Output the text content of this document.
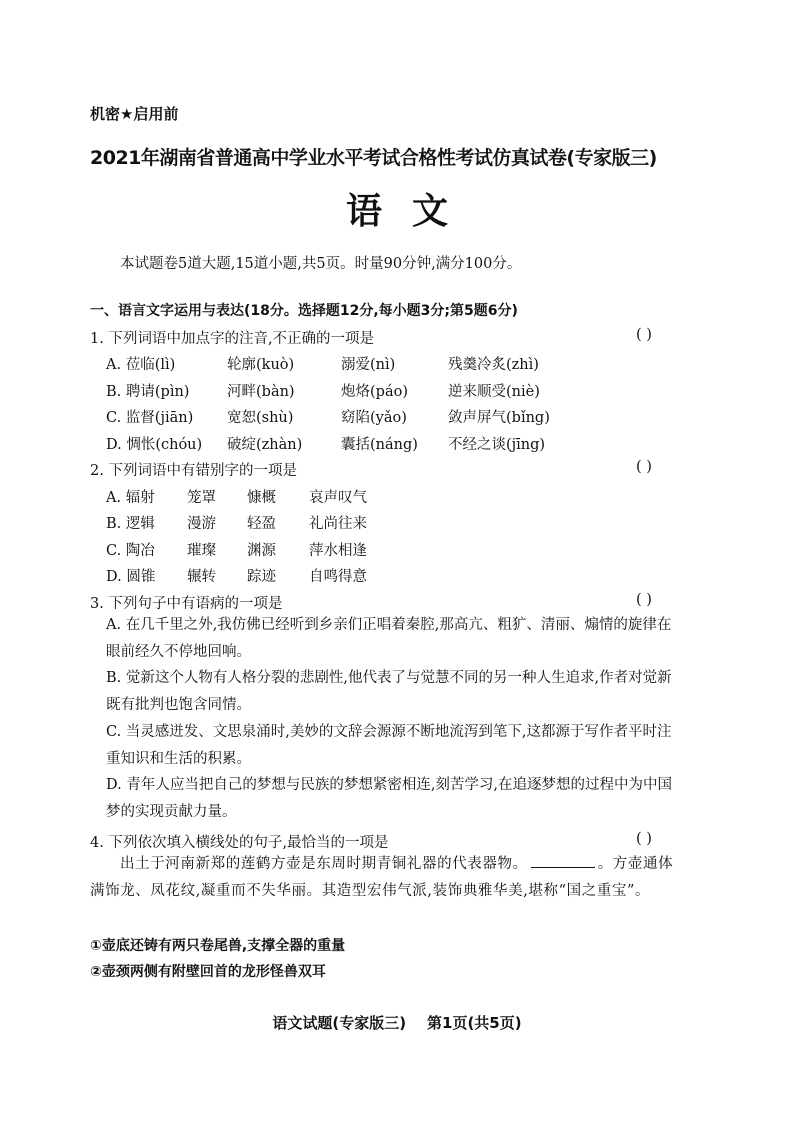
机密★启用前
2021年湖南省普通高中学业水平考试合格性考试仿真试卷(专家版三)
语文
本试题卷5道大题,15道小题,共5页。时量90分钟,满分100分。
一、语言文字运用与表达(18分。选择题12分,每小题3分;第5题6分)
1. 下列词语中加点字的注音,不正确的一项是	( )
A. 莅临(lì)	轮廓(kuò)	溺爱(nì)	残羹冷炙(zhì)
B. 聘请(pìn)	河畔(bàn)	炮烙(páo)	逆来顺受(niè)
C. 监督(jiān) 宽恕(shù)	窈陷(yǎo)	敛声屏气(bǐng)
D. 惆怅(chóu) 破绽(zhàn)	囊括(náng) 不经之谈(jīng)
2. 下列词语中有错别字的一项是	( )
A. 辐射 笼罩 慷概 哀声叹气
B. 逻辑 漫游 轻盈 礼尚往来
C. 陶冶 璀璨 渊源 萍水相逢
D. 圆锥 辗转 踪迹 自鸣得意
3. 下列句子中有语病的一项是	( )
A. 在几千里之外,我仿佛已经听到乡亲们正唱着秦腔,那高亢、粗犷、清丽、煽情的旋律在眼前经久不停地回响。
B. 觉新这个人物有人格分裂的悲剧性,他代表了与觉慧不同的另一种人生追求,作者对觉新既有批判也饱含同情。
C. 当灵感迸发、文思泉涌时,美妙的文辞会源源不断地流泻到笔下,这都源于写作者平时注重知识和生活的积累。
D. 青年人应当把自己的梦想与民族的梦想紧密相连,刻苦学习,在追逐梦想的过程中为中国梦的实现贡献力量。
4. 下列依次填入横线处的句子,最恰当的一项是	( )
出土于河南新郑的莲鹤方壶是东周时期青铜礼器的代表器物。	。方壶通体满饰龙、凤花纹,凝重而不失华丽。其造型宏伟气派,装饰典雅华美,堪称“国之重宝”。
①壶底还铸有两只卷尾兽,支撑全器的重量
②壶颈两侧有附壁回首的龙形怪兽双耳
语文试题(专家版三)    第1页(共5页)
